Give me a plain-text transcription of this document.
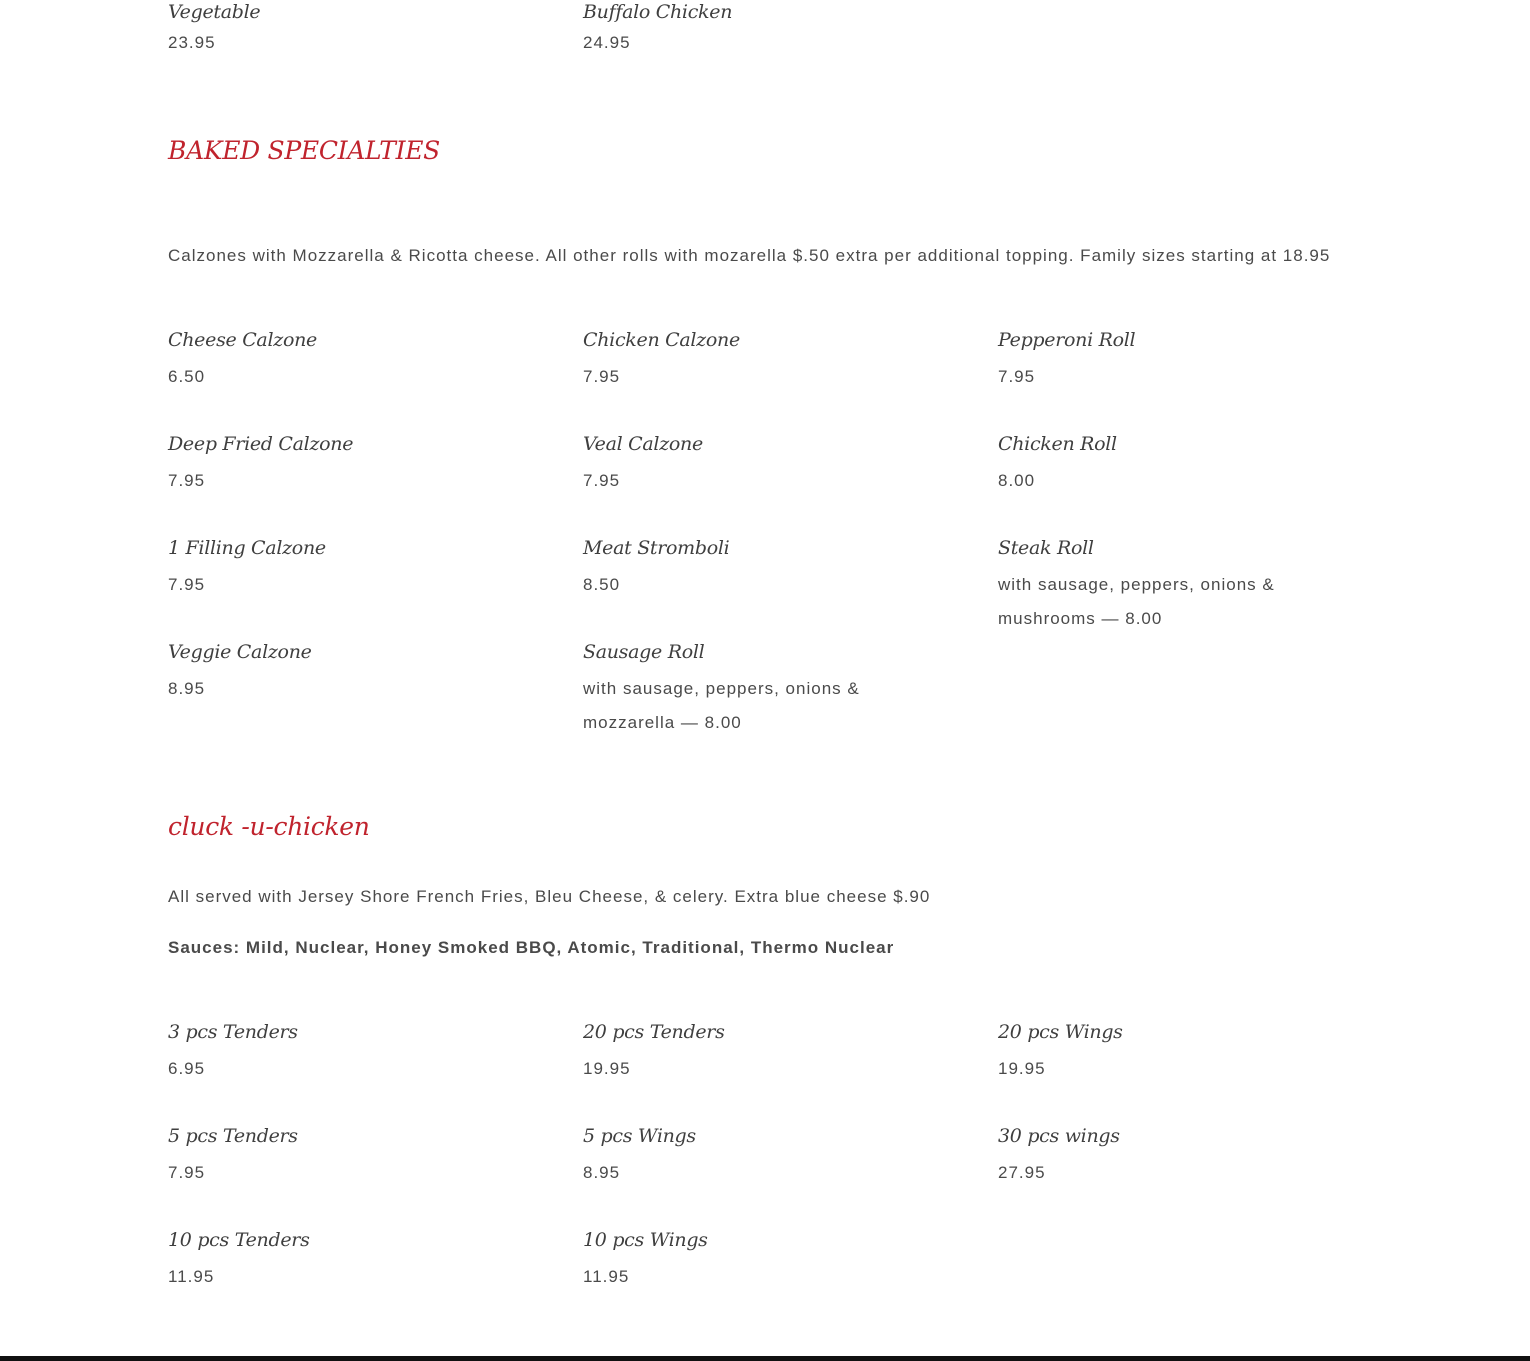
Vegetable
23.95
Buffalo Chicken
24.95
BAKED SPECIALTIES
Calzones with Mozzarella & Ricotta cheese. All other rolls with mozarella $.50 extra per additional topping. Family sizes starting at 18.95
Cheese Calzone
6.50
Deep Fried Calzone
7.95
1 Filling Calzone
7.95
Veggie Calzone
8.95
Chicken Calzone
7.95
Veal Calzone
7.95
Meat Stromboli
8.50
Sausage Roll
with sausage, peppers, onions &
mozzarella — 8.00
Pepperoni Roll
7.95
Chicken Roll
8.00
Steak Roll
with sausage, peppers, onions &
mushrooms — 8.00
cluck -u-chicken
All served with Jersey Shore French Fries, Bleu Cheese, & celery. Extra blue cheese $.90
Sauces: Mild, Nuclear, Honey Smoked BBQ, Atomic, Traditional, Thermo Nuclear
3 pcs Tenders
6.95
5 pcs Tenders
7.95
10 pcs Tenders
11.95
20 pcs Tenders
19.95
5 pcs Wings
8.95
10 pcs Wings
11.95
20 pcs Wings
19.95
30 pcs wings
27.95
